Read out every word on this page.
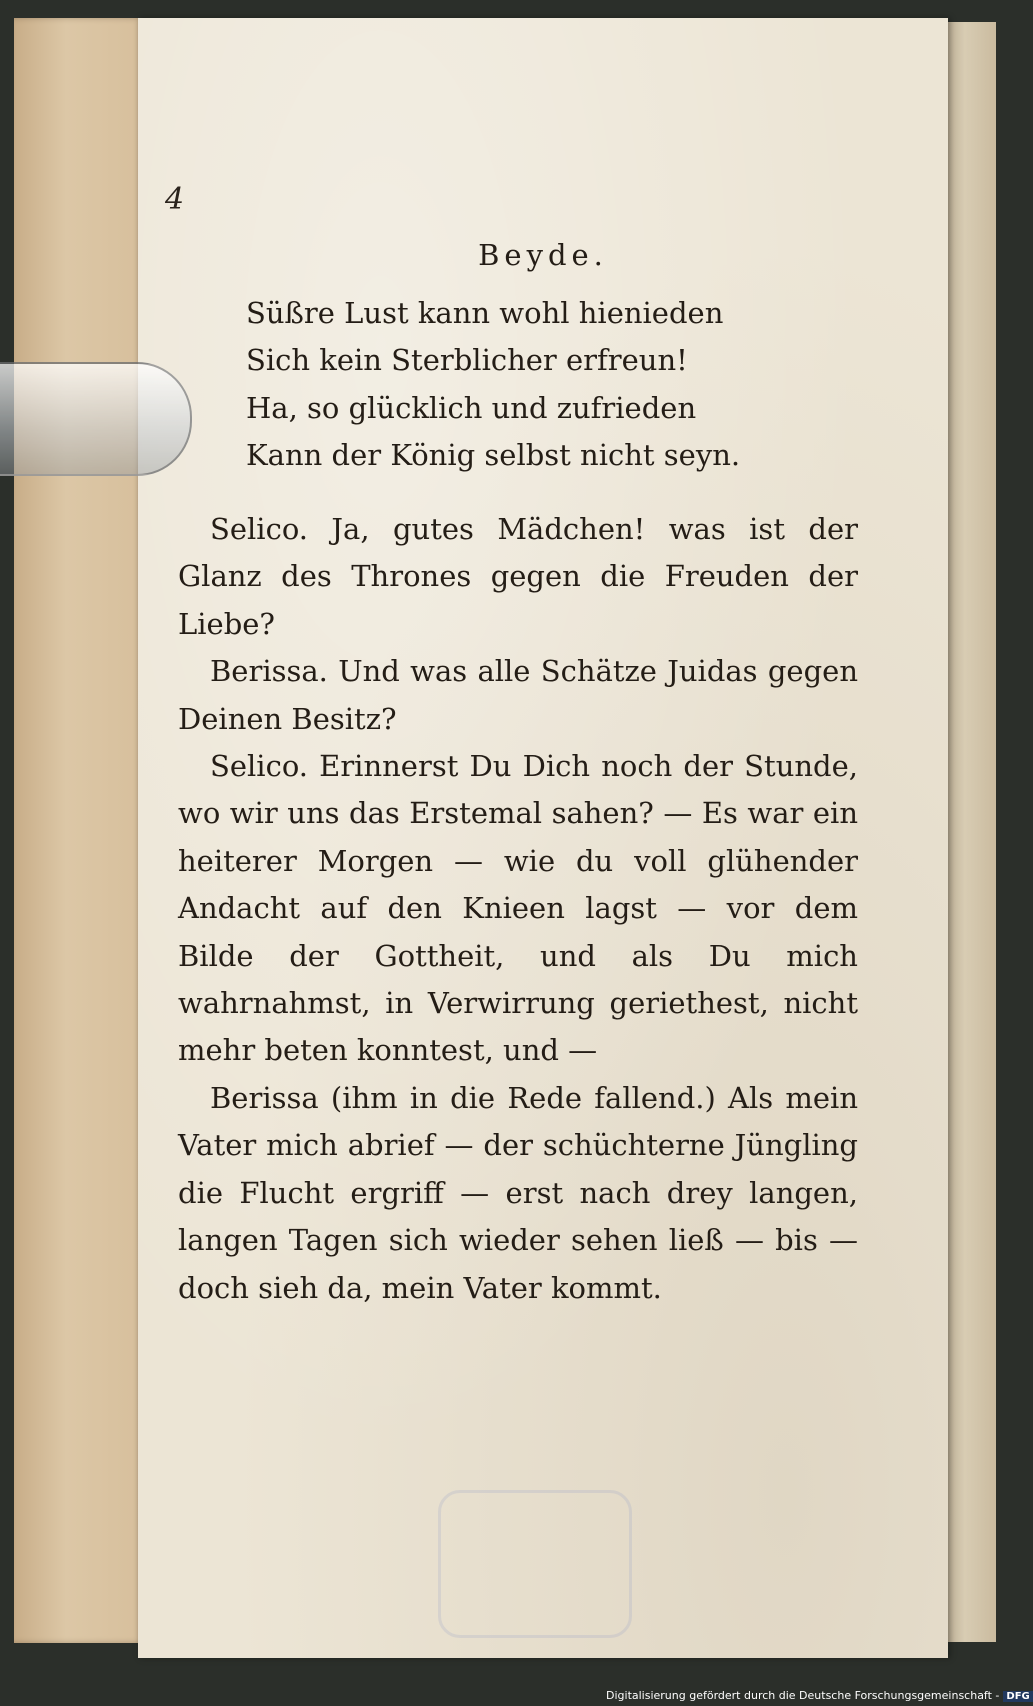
4
Beyde.
Süßre Lust kann wohl hienieden
Sich kein Sterblicher erfreun!
Ha, so glücklich und zufrieden
Kann der König selbst nicht seyn.

Selico. Ja, gutes Mädchen! was ist der Glanz des Thrones gegen die Freuden der Liebe?

Berissa. Und was alle Schätze Juidas gegen Deinen Besitz?

Selico. Erinnerst Du Dich noch der Stunde, wo wir uns das Erstemal sahen? — Es war ein heiterer Morgen — wie du voll glühender Andacht auf den Knieen lagst — vor dem Bilde der Gottheit, und als Du mich wahrnahmst, in Verwirrung geriethest, nicht mehr beten konntest, und —

Berissa (ihm in die Rede fallend.) Als mein Vater mich abrief — der schüchterne Jüngling die Flucht ergriff — erst nach drey langen, langen Tagen sich wieder sehen ließ — bis — doch sieh da, mein Vater kommt.

Digitalisierung gefördert durch die Deutsche Forschungsgemeinschaft - DFG
